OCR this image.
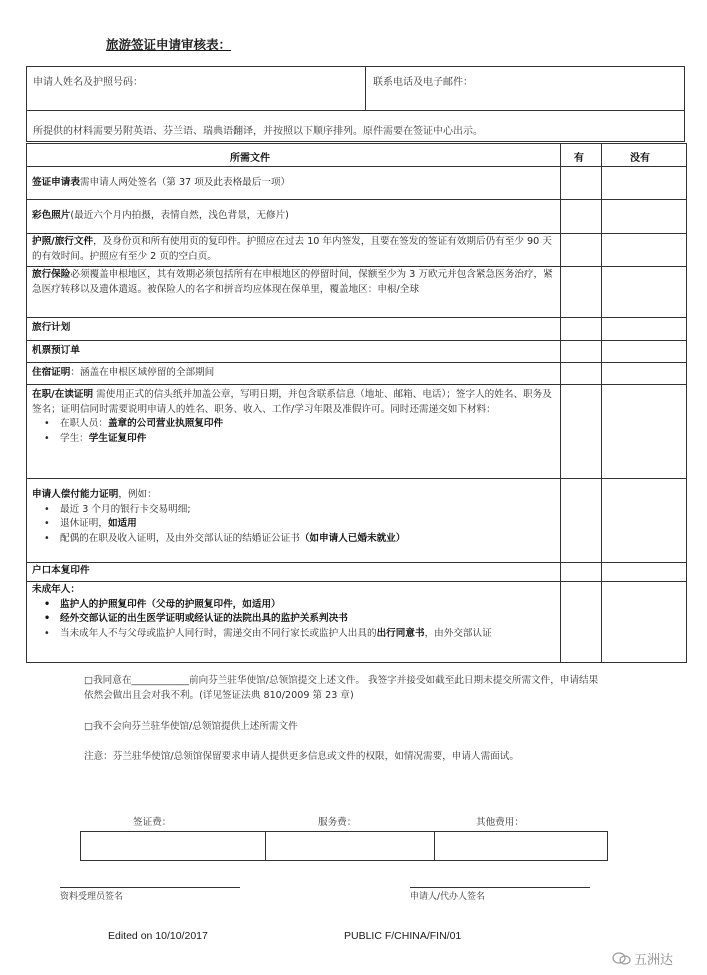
旅游签证申请审核表：
申请人姓名及护照号码：	联系电话及电子邮件：
所提供的材料需要另附英语、芬兰语、瑞典语翻译，并按照以下顺序排列。原件需要在签证中心出示。
所需文件	有	没有
签证申请表需申请人两处签名（第 37 项及此表格最后一项）
彩色照片(最近六个月内拍摄，表情自然，浅色背景，无修片)
护照/旅行文件，及身份页和所有使用页的复印件。护照应在过去 10 年内签发，且要在签发的签证有效期后仍有至少 90 天的有效时间。护照应有至少 2 页的空白页。
旅行保险必须覆盖申根地区，其有效期必须包括所有在申根地区的停留时间，保额至少为 3 万欧元并包含紧急医务治疗，紧急医疗转移以及遗体遣返。被保险人的名字和拼音均应体现在保单里，覆盖地区：申根/全球
旅行计划
机票预订单
住宿证明：涵盖在申根区域停留的全部期间
在职/在读证明 需使用正式的信头纸并加盖公章，写明日期，并包含联系信息（地址、邮箱、电话）；签字人的姓名、职务及签名；证明信同时需要说明申请人的姓名、职务、收入、工作/学习年限及准假许可。同时还需递交如下材料：
• 在职人员：盖章的公司营业执照复印件
• 学生：学生证复印件
申请人偿付能力证明，例如：
• 最近 3 个月的银行卡交易明细;
• 退休证明，如适用
• 配偶的在职及收入证明，及由外交部认证的结婚证公证书（如申请人已婚未就业）
户口本复印件
未成年人：
• 监护人的护照复印件（父母的护照复印件，如适用）
• 经外交部认证的出生医学证明或经认证的法院出具的监护关系判决书
• 当未成年人不与父母或监护人同行时，需递交由不同行家长或监护人出具的出行同意书，由外交部认证
□我同意在____________前向芬兰驻华使馆/总领馆提交上述文件。 我签字并接受如截至此日期未提交所需文件，申请结果依然会做出且会对我不利。(详见签证法典 810/2009 第 23 章)
□我不会向芬兰驻华使馆/总领馆提供上述所需文件
注意：芬兰驻华使馆/总领馆保留要求申请人提供更多信息或文件的权限，如情况需要，申请人需面试。
签证费：	服务费：	其他费用：
资料受理员签名	申请人/代办人签名
Edited on 10/10/2017	PUBLIC F/CHINA/FIN/01
五洲达
